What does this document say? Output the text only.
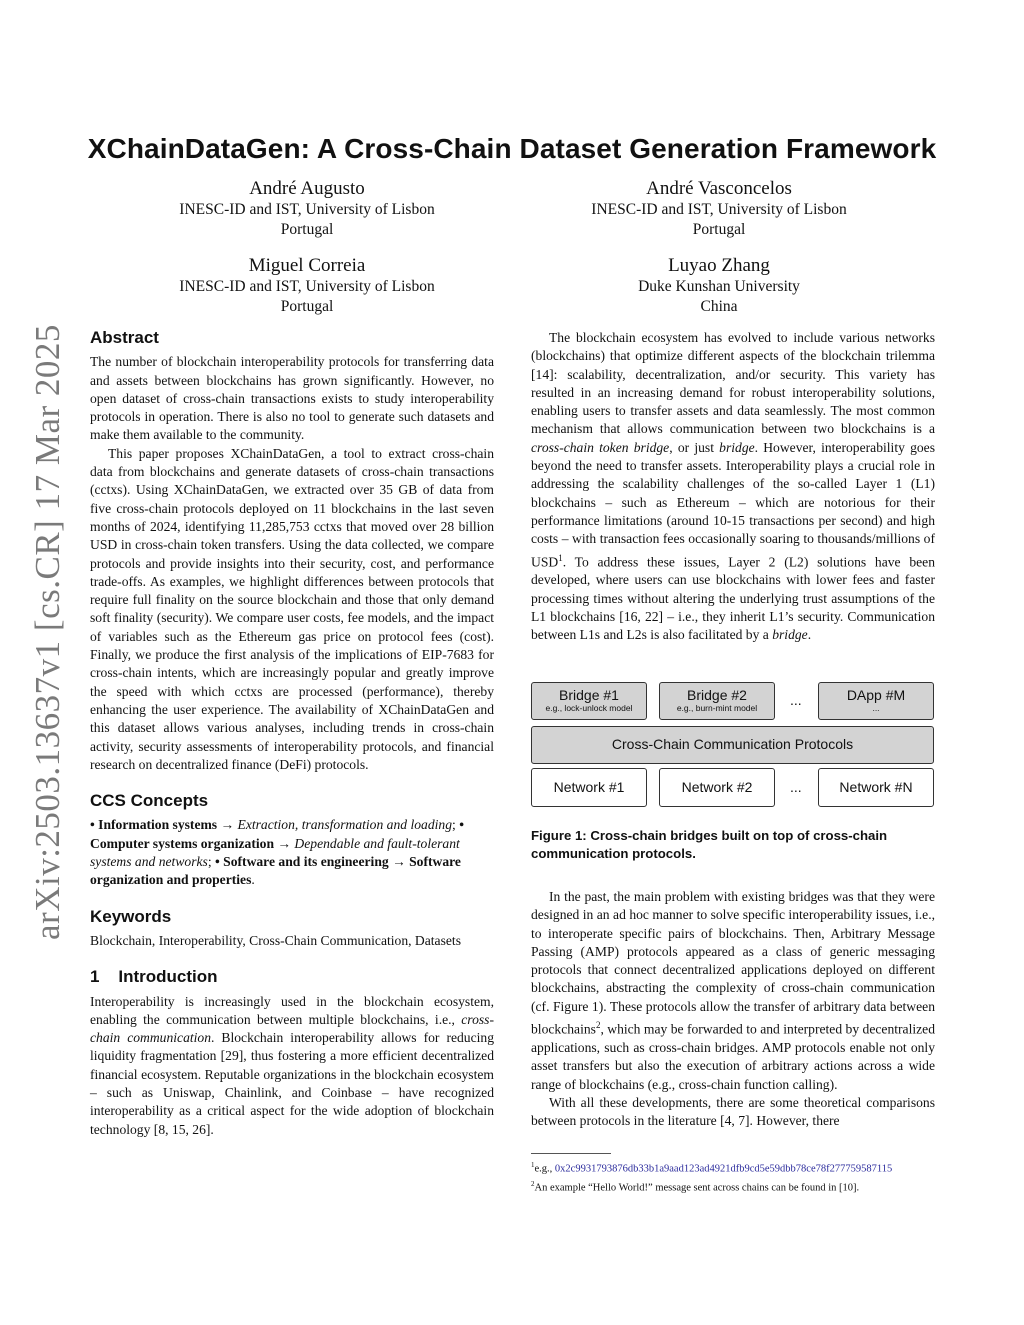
arXiv:2503.13637v1 [cs.CR] 17 Mar 2025
XChainDataGen: A Cross-Chain Dataset Generation Framework
André Augusto
INESC-ID and IST, University of Lisbon
Portugal
André Vasconcelos
INESC-ID and IST, University of Lisbon
Portugal
Miguel Correia
INESC-ID and IST, University of Lisbon
Portugal
Luyao Zhang
Duke Kunshan University
China
Abstract

The number of blockchain interoperability protocols for transferring data and assets between blockchains has grown significantly. However, no open dataset of cross-chain transactions exists to study interoperability protocols in operation. There is also no tool to generate such datasets and make them available to the community.

This paper proposes XChainDataGen, a tool to extract cross-chain data from blockchains and generate datasets of cross-chain transactions (cctxs). Using XChainDataGen, we extracted over 35 GB of data from five cross-chain protocols deployed on 11 blockchains in the last seven months of 2024, identifying 11,285,753 cctxs that moved over 28 billion USD in cross-chain token transfers. Using the data collected, we compare protocols and provide insights into their security, cost, and performance trade-offs. As examples, we highlight differences between protocols that require full finality on the source blockchain and those that only demand soft finality (security). We compare user costs, fee models, and the impact of variables such as the Ethereum gas price on protocol fees (cost). Finally, we produce the first analysis of the implications of EIP-7683 for cross-chain intents, which are increasingly popular and greatly improve the speed with which cctxs are processed (performance), thereby enhancing the user experience. The availability of XChainDataGen and this dataset allows various analyses, including trends in cross-chain activity, security assessments of interoperability protocols, and financial research on decentralized finance (DeFi) protocols.

CCS Concepts

• Information systems → Extraction, transformation and loading; • Computer systems organization → Dependable and fault-tolerant systems and networks; • Software and its engineering → Software organization and properties.

Keywords

Blockchain, Interoperability, Cross-Chain Communication, Datasets

1    Introduction

Interoperability is increasingly used in the blockchain ecosystem, enabling the communication between multiple blockchains, i.e., cross-chain communication. Blockchain interoperability allows for reducing liquidity fragmentation [29], thus fostering a more efficient decentralized financial ecosystem. Reputable organizations in the blockchain ecosystem – such as Uniswap, Chainlink, and Coinbase – have recognized interoperability as a critical aspect for the wide adoption of blockchain technology [8, 15, 26].

The blockchain ecosystem has evolved to include various networks (blockchains) that optimize different aspects of the blockchain trilemma [14]: scalability, decentralization, and/or security. This variety has resulted in an increasing demand for robust interoperability solutions, enabling users to transfer assets and data seamlessly. The most common mechanism that allows communication between two blockchains is a cross-chain token bridge, or just bridge. However, interoperability goes beyond the need to transfer assets. Interoperability plays a crucial role in addressing the scalability challenges of the so-called Layer 1 (L1) blockchains – such as Ethereum – which are notorious for their performance limitations (around 10-15 transactions per second) and high costs – with transaction fees occasionally soaring to thousands/millions of USD$^1$. To address these issues, Layer 2 (L2) solutions have been developed, where users can use blockchains with lower fees and faster processing times without altering the underlying trust assumptions of the L1 blockchains [16, 22] – i.e., they inherit L1’s security. Communication between L1s and L2s is also facilitated by a bridge.

Bridge #1
e.g., lock-unlock model
Bridge #2
e.g., burn-mint model	...	DApp #M
...
Cross-Chain Communication Protocols
Network #1	Network #2	...	Network #N
Figure 1: Cross-chain bridges built on top of cross-chain communication protocols.

In the past, the main problem with existing bridges was that they were designed in an ad hoc manner to solve specific interoperability issues, i.e., to interoperate specific pairs of blockchains. Then, Arbitrary Message Passing (AMP) protocols appeared as a class of generic messaging protocols that connect decentralized applications deployed on different blockchains, abstracting the complexity of cross-chain communication (cf. Figure 1). These protocols allow the transfer of arbitrary data between blockchains$^2$, which may be forwarded to and interpreted by decentralized applications, such as cross-chain bridges. AMP protocols enable not only asset transfers but also the execution of arbitrary actions across a wide range of blockchains (e.g., cross-chain function calling).

With all these developments, there are some theoretical comparisons between protocols in the literature [4, 7]. However, there

$^1$e.g., 0x2c9931793876db33b1a9aad123ad4921dfb9cd5e59dbb78ce78f277759587115
$^2$An example “Hello World!” message sent across chains can be found in [10].
